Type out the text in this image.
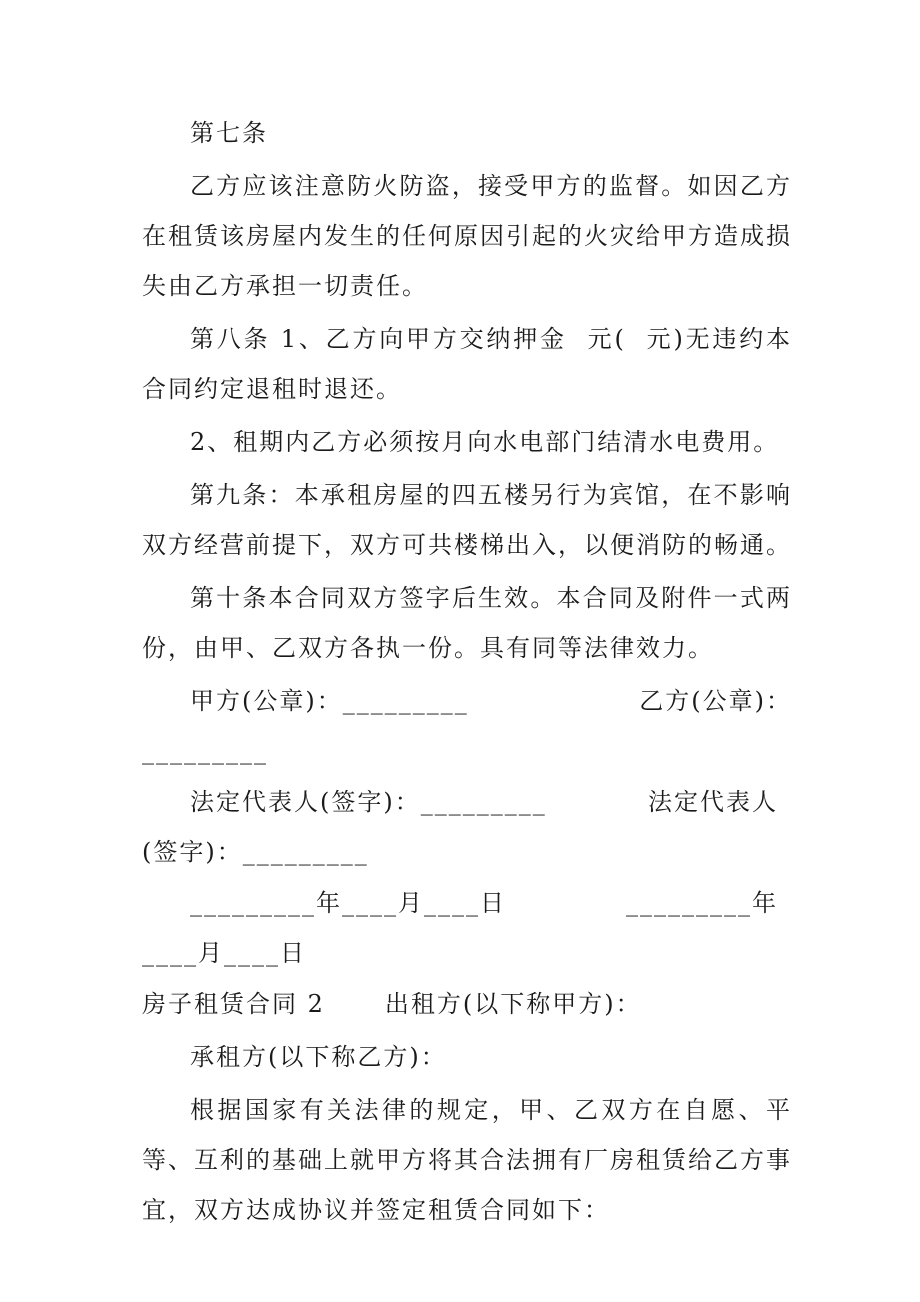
第七条

乙方应该注意防火防盗，接受甲方的监督。如因乙方在租赁该房屋内发生的任何原因引起的火灾给甲方造成损失由乙方承担一切责任。

第八条 1、乙方向甲方交纳押金  元(  元)无违约本合同约定退租时退还。

2、租期内乙方必须按月向水电部门结清水电费用。

第九条：本承租房屋的四五楼另行为宾馆，在不影响双方经营前提下，双方可共楼梯出入，以便消防的畅通。

第十条本合同双方签字后生效。本合同及附件一式两份，由甲、乙双方各执一份。具有同等法律效力。

甲方(公章)：_________	乙方(公章)：
_________
法定代表人(签字)：_________	法定代表人
(签字)：_________
_________年____月____日	_________年
____月____日
房子租赁合同 2	出租方(以下称甲方)：

承租方(以下称乙方)：

根据国家有关法律的规定，甲、乙双方在自愿、平等、互利的基础上就甲方将其合法拥有厂房租赁给乙方事宜，双方达成协议并签定租赁合同如下：
